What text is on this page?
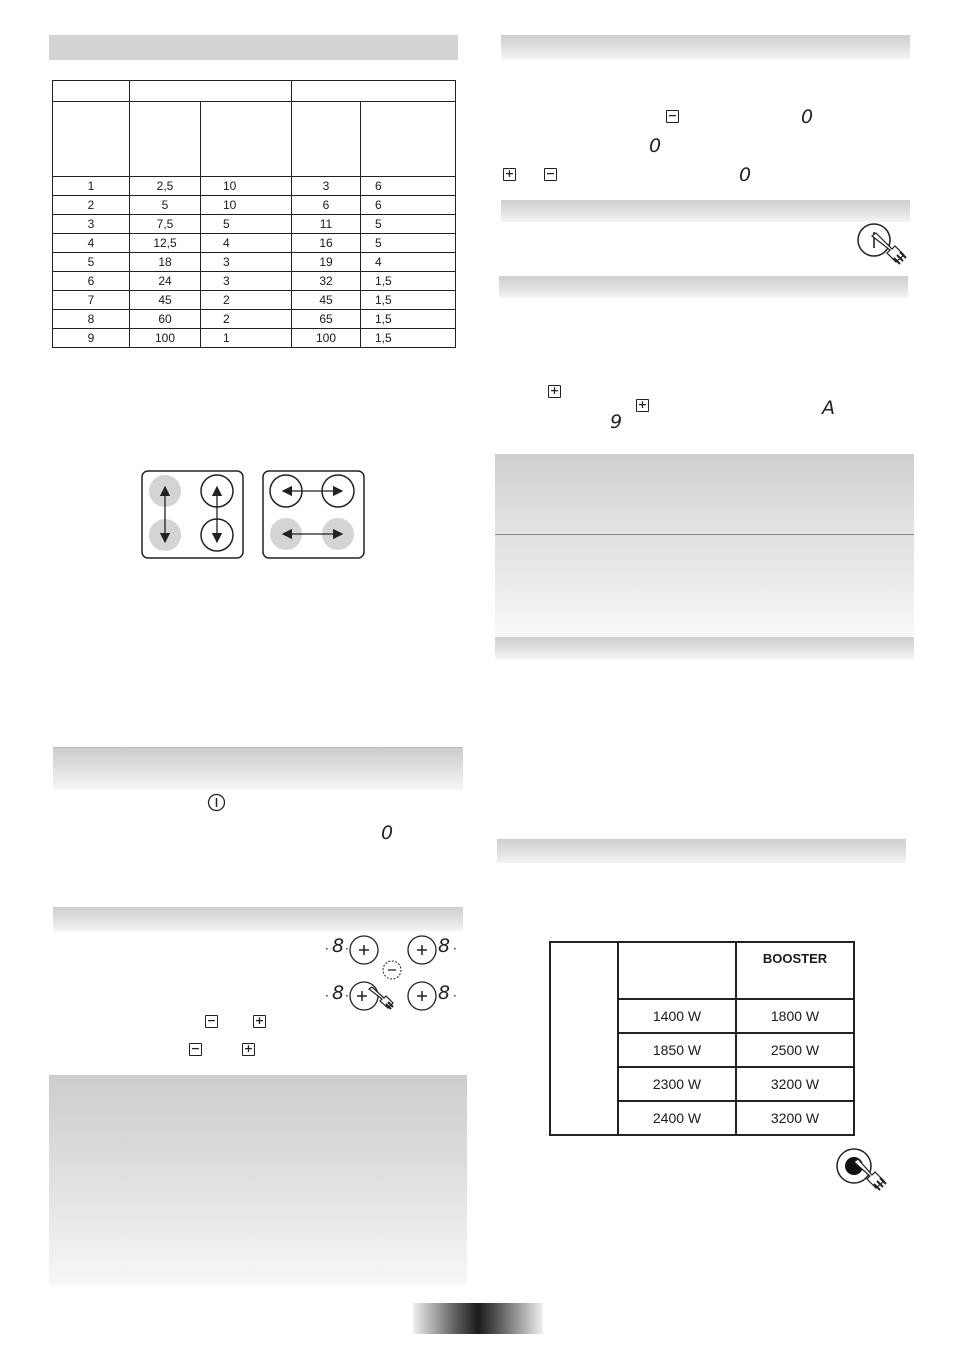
1	2,5	10	3	6
2	5	10	6	6
3	7,5	5	11	5
4	12,5	4	16	5
5	18	3	19	4
6	24	3	32	1,5
7	45	2	45	1,5
8	60	2	65	1,5
9	100	1	100	1,5
0
8
· ·	8 ·
8
· ·	8 ·
−	+
−	+
−	0
0
+	−	0
+
+	A
9
		BOOSTER
	1400 W	1800 W
	1850 W	2500 W
	2300 W	3200 W
	2400 W	3200 W
